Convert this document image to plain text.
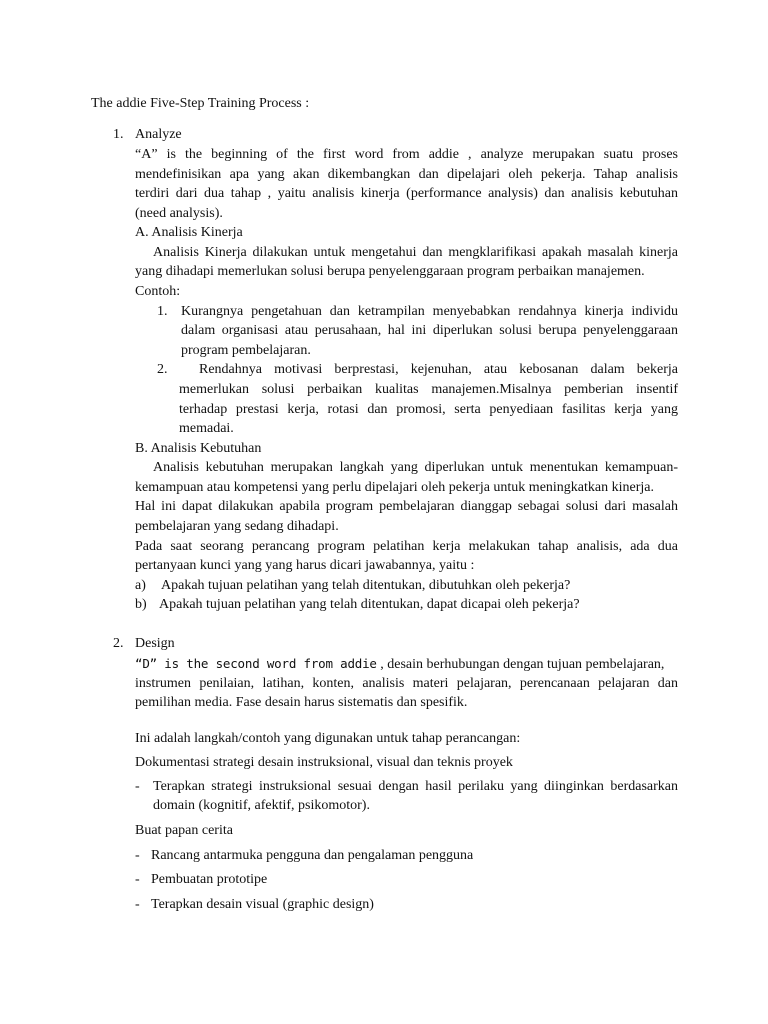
The addie Five-Step Training Process :
1. Analyze
“A” is the beginning of the first word from addie , analyze merupakan suatu proses
mendefinisikan apa yang akan dikembangkan dan dipelajari oleh pekerja. Tahap analisis
terdiri dari dua tahap , yaitu analisis kinerja (performance analysis) dan analisis kebutuhan
(need analysis).
A. Analisis Kinerja
Analisis Kinerja dilakukan untuk mengetahui dan mengklarifikasi apakah masalah kinerja
yang dihadapi memerlukan solusi berupa penyelenggaraan program perbaikan manajemen.
Contoh:
1. Kurangnya pengetahuan dan ketrampilan menyebabkan rendahnya kinerja individu
dalam organisasi atau perusahaan, hal ini diperlukan solusi berupa penyelenggaraan
program pembelajaran.
2. Rendahnya motivasi berprestasi, kejenuhan, atau kebosanan dalam bekerja
memerlukan solusi perbaikan kualitas manajemen.Misalnya pemberian insentif
terhadap prestasi kerja, rotasi dan promosi, serta penyediaan fasilitas kerja yang
memadai.
B. Analisis Kebutuhan
Analisis kebutuhan merupakan langkah yang diperlukan untuk menentukan kemampuan-
kemampuan atau kompetensi yang perlu dipelajari oleh pekerja untuk meningkatkan kinerja.
Hal ini dapat dilakukan apabila program pembelajaran dianggap sebagai solusi dari masalah
pembelajaran yang sedang dihadapi.
Pada saat seorang perancang program pelatihan kerja melakukan tahap analisis, ada dua
pertanyaan kunci yang yang harus dicari jawabannya, yaitu :
a) Apakah tujuan pelatihan yang telah ditentukan, dibutuhkan oleh pekerja?
b) Apakah tujuan pelatihan yang telah ditentukan, dapat dicapai oleh pekerja?
2. Design
“D” is the second word from addie , desain berhubungan dengan tujuan pembelajaran,
instrumen penilaian, latihan, konten, analisis materi pelajaran, perencanaan pelajaran dan
pemilihan media. Fase desain harus sistematis dan spesifik.
Ini adalah langkah/contoh yang digunakan untuk tahap perancangan:
Dokumentasi strategi desain instruksional, visual dan teknis proyek
- Terapkan strategi instruksional sesuai dengan hasil perilaku yang diinginkan berdasarkan
domain (kognitif, afektif, psikomotor).
Buat papan cerita
- Rancang antarmuka pengguna dan pengalaman pengguna
- Pembuatan prototipe
- Terapkan desain visual (graphic design)
